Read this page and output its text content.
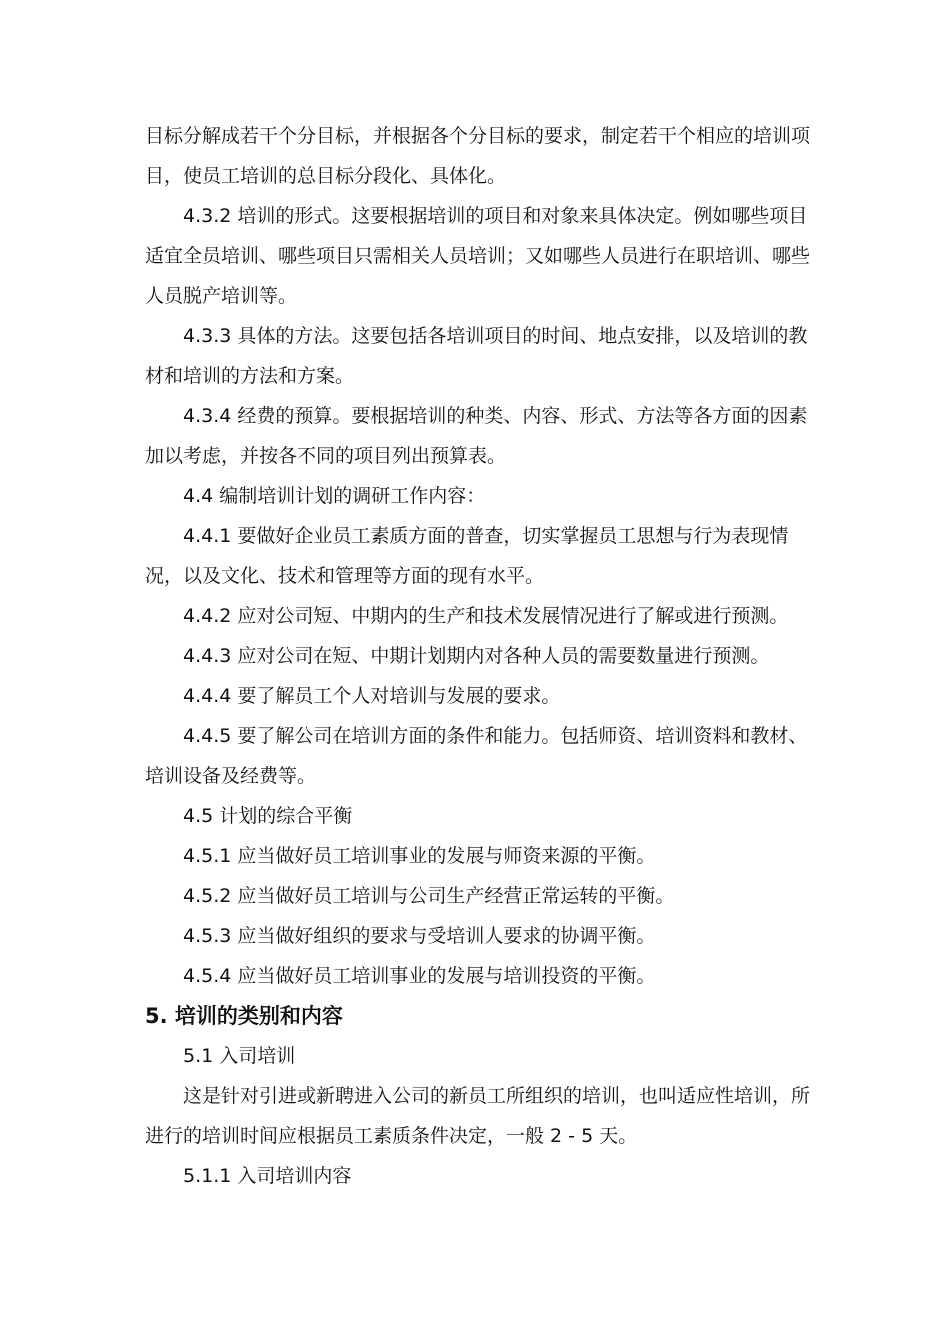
目标分解成若干个分目标，并根据各个分目标的要求，制定若干个相应的培训项目，使员工培训的总目标分段化、具体化。

4.3.2 培训的形式。这要根据培训的项目和对象来具体决定。例如哪些项目适宜全员培训、哪些项目只需相关人员培训；又如哪些人员进行在职培训、哪些人员脱产培训等。

4.3.3 具体的方法。这要包括各培训项目的时间、地点安排，以及培训的教材和培训的方法和方案。

4.3.4 经费的预算。要根据培训的种类、内容、形式、方法等各方面的因素加以考虑，并按各不同的项目列出预算表。

4.4 编制培训计划的调研工作内容：

4.4.1 要做好企业员工素质方面的普查，切实掌握员工思想与行为表现情况，以及文化、技术和管理等方面的现有水平。

4.4.2 应对公司短、中期内的生产和技术发展情况进行了解或进行预测。

4.4.3 应对公司在短、中期计划期内对各种人员的需要数量进行预测。

4.4.4 要了解员工个人对培训与发展的要求。

4.4.5 要了解公司在培训方面的条件和能力。包括师资、培训资料和教材、培训设备及经费等。

4.5 计划的综合平衡

4.5.1 应当做好员工培训事业的发展与师资来源的平衡。

4.5.2 应当做好员工培训与公司生产经营正常运转的平衡。

4.5.3 应当做好组织的要求与受培训人要求的协调平衡。

4.5.4 应当做好员工培训事业的发展与培训投资的平衡。

5. 培训的类别和内容

5.1 入司培训

这是针对引进或新聘进入公司的新员工所组织的培训，也叫适应性培训，所进行的培训时间应根据员工素质条件决定，一般 2 - 5 天。

5.1.1 入司培训内容
